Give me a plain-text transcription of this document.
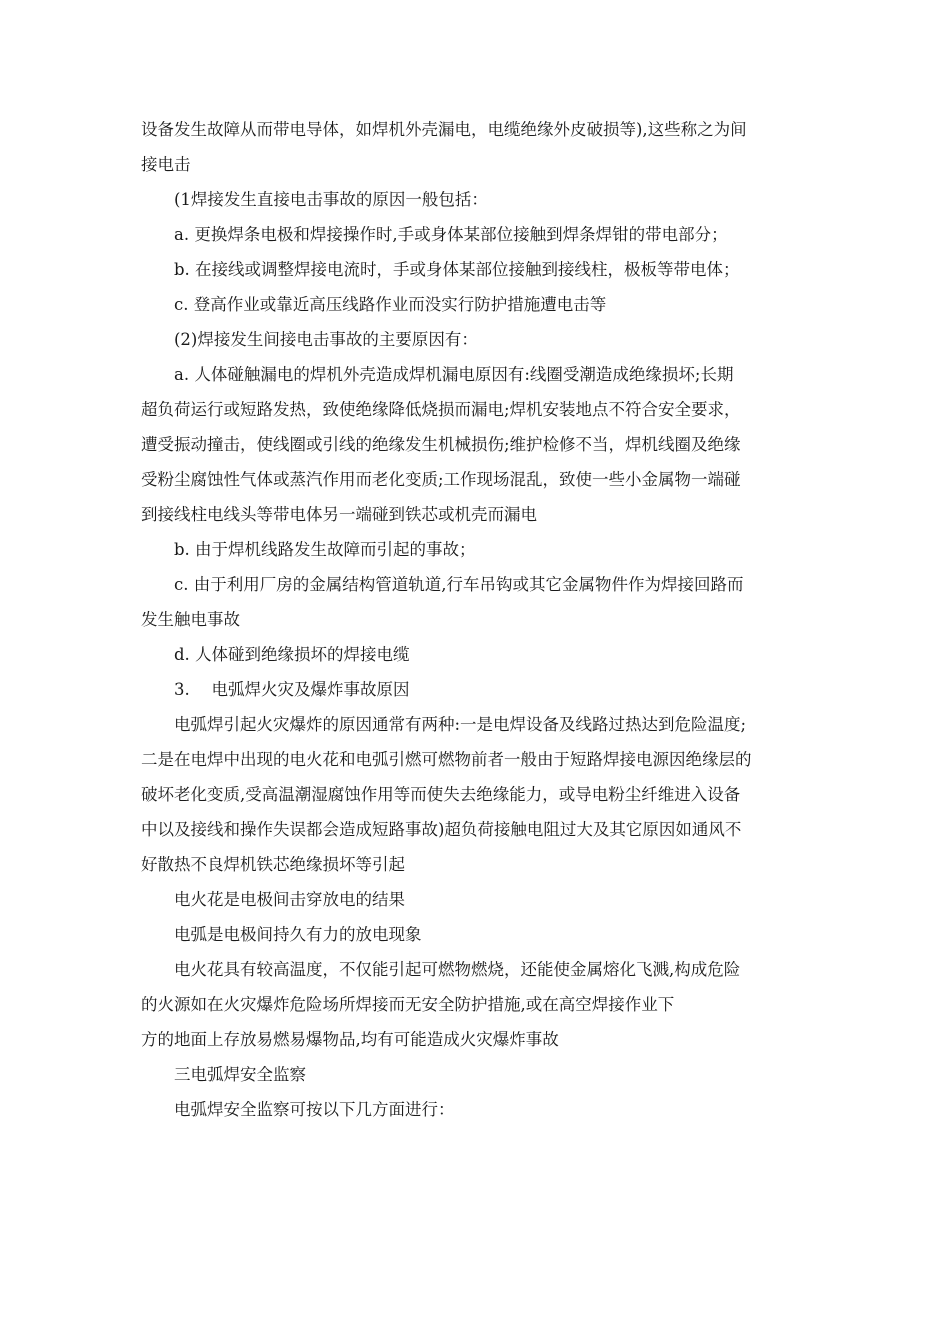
设备发生故障从而带电导体，如焊机外壳漏电，电缆绝缘外皮破损等),这些称之为间
接电击
(1焊接发生直接电击事故的原因一般包括：
a. 更换焊条电极和焊接操作时,手或身体某部位接触到焊条焊钳的带电部分；
b. 在接线或调整焊接电流时，手或身体某部位接触到接线柱，极板等带电体；
c. 登高作业或靠近高压线路作业而没实行防护措施遭电击等
(2)焊接发生间接电击事故的主要原因有：
a. 人体碰触漏电的焊机外壳造成焊机漏电原因有:线圈受潮造成绝缘损坏;长期
超负荷运行或短路发热，致使绝缘降低烧损而漏电;焊机安装地点不符合安全要求，
遭受振动撞击，使线圈或引线的绝缘发生机械损伤;维护检修不当，焊机线圈及绝缘
受粉尘腐蚀性气体或蒸汽作用而老化变质;工作现场混乱，致使一些小金属物一端碰
到接线柱电线头等带电体另一端碰到铁芯或机壳而漏电
b. 由于焊机线路发生故障而引起的事故；
c. 由于利用厂房的金属结构管道轨道,行车吊钩或其它金属物件作为焊接回路而
发生触电事故
d. 人体碰到绝缘损坏的焊接电缆
3.　 电弧焊火灾及爆炸事故原因
电弧焊引起火灾爆炸的原因通常有两种:一是电焊设备及线路过热达到危险温度;
二是在电焊中出现的电火花和电弧引燃可燃物前者一般由于短路焊接电源因绝缘层的
破坏老化变质,受高温潮湿腐蚀作用等而使失去绝缘能力，或导电粉尘纤维进入设备
中以及接线和操作失误都会造成短路事故)超负荷接触电阻过大及其它原因如通风不
好散热不良焊机铁芯绝缘损坏等引起
电火花是电极间击穿放电的结果
电弧是电极间持久有力的放电现象
电火花具有较高温度，不仅能引起可燃物燃烧，还能使金属熔化飞溅,构成危险
的火源如在火灾爆炸危险场所焊接而无安全防护措施,或在高空焊接作业下
方的地面上存放易燃易爆物品,均有可能造成火灾爆炸事故
三电弧焊安全监察
电弧焊安全监察可按以下几方面进行：
